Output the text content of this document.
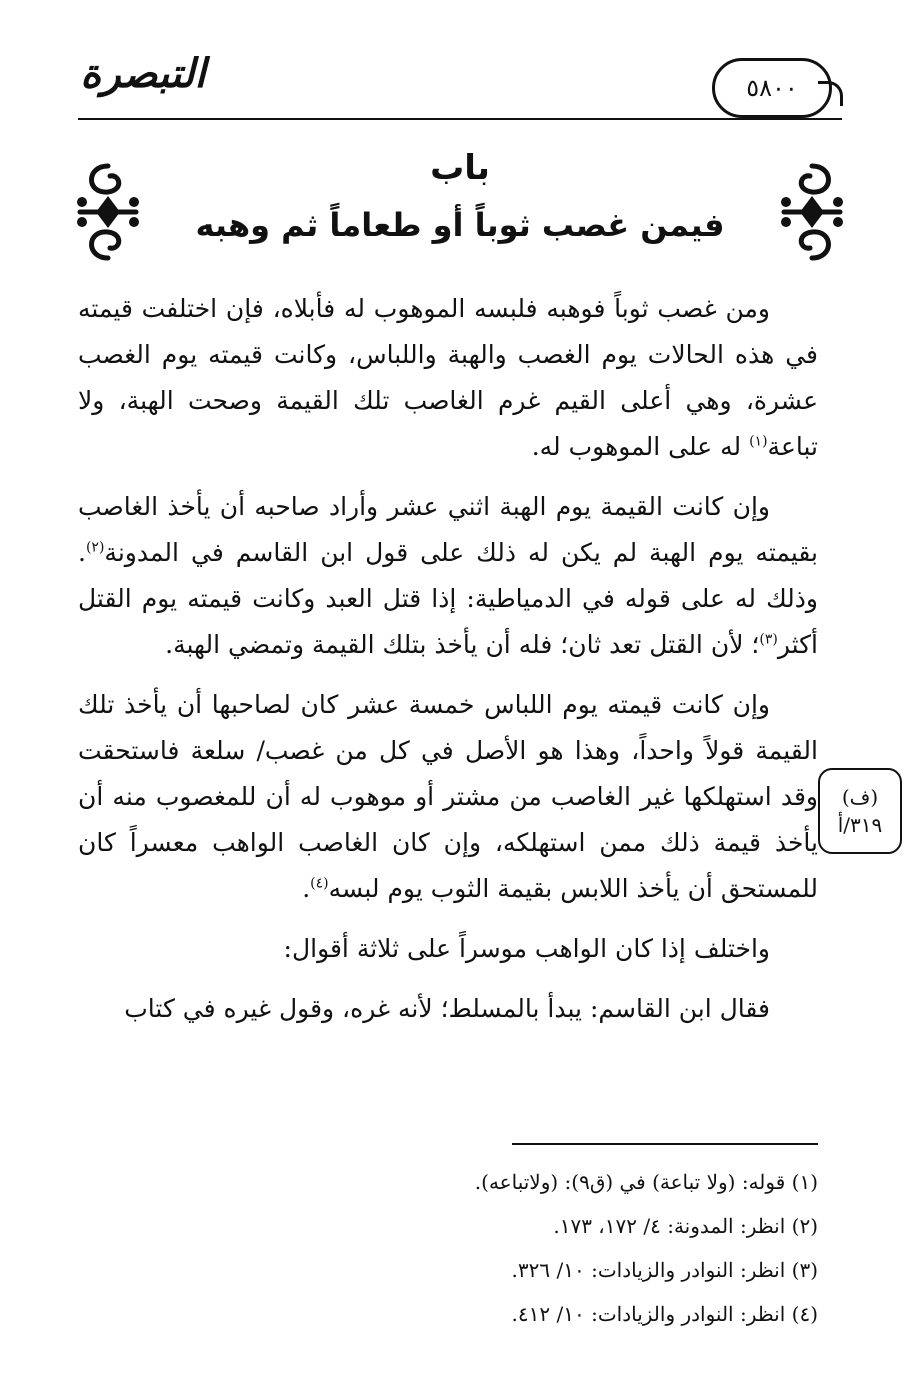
التبصرة	٥٨٠٠
باب
فيمن غصب ثوباً أو طعاماً ثم وهبه

ومن غصب ثوباً فوهبه فلبسه الموهوب له فأبلاه، فإن اختلفت قيمته في هذه الحالات يوم الغصب والهبة واللباس، وكانت قيمته يوم الغصب عشرة، وهي أعلى القيم غرم الغاصب تلك القيمة وصحت الهبة، ولا تباعة$^{(١)}$ له على الموهوب له.

وإن كانت القيمة يوم الهبة اثني عشر وأراد صاحبه أن يأخذ الغاصب بقيمته يوم الهبة لم يكن له ذلك على قول ابن القاسم في المدونة$^{(٢)}$. وذلك له على قوله في الدمياطية: إذا قتل العبد وكانت قيمته يوم القتل أكثر$^{(٣)}$؛ لأن القتل تعد ثان؛ فله أن يأخذ بتلك القيمة وتمضي الهبة.

وإن كانت قيمته يوم اللباس خمسة عشر كان لصاحبها أن يأخذ تلك القيمة قولاً واحداً، وهذا هو الأصل في كل من غصب/ سلعة فاستحقت وقد استهلكها غير الغاصب من مشتر أو موهوب له أن للمغصوب منه أن يأخذ قيمة ذلك ممن استهلكه، وإن كان الغاصب الواهب معسراً كان للمستحق أن يأخذ اللابس بقيمة الثوب يوم لبسه$^{(٤)}$.

واختلف إذا كان الواهب موسراً على ثلاثة أقوال:

فقال ابن القاسم: يبدأ بالمسلط؛ لأنه غره، وقول غيره في كتاب

(ف)
٣١٩/أ

(١) قوله: (ولا تباعة) في (ق٩): (ولاتباعه).

(٢) انظر: المدونة: ٤/ ١٧٢، ١٧٣.

(٣) انظر: النوادر والزيادات: ١٠/ ٣٢٦.

(٤) انظر: النوادر والزيادات: ١٠/ ٤١٢.
